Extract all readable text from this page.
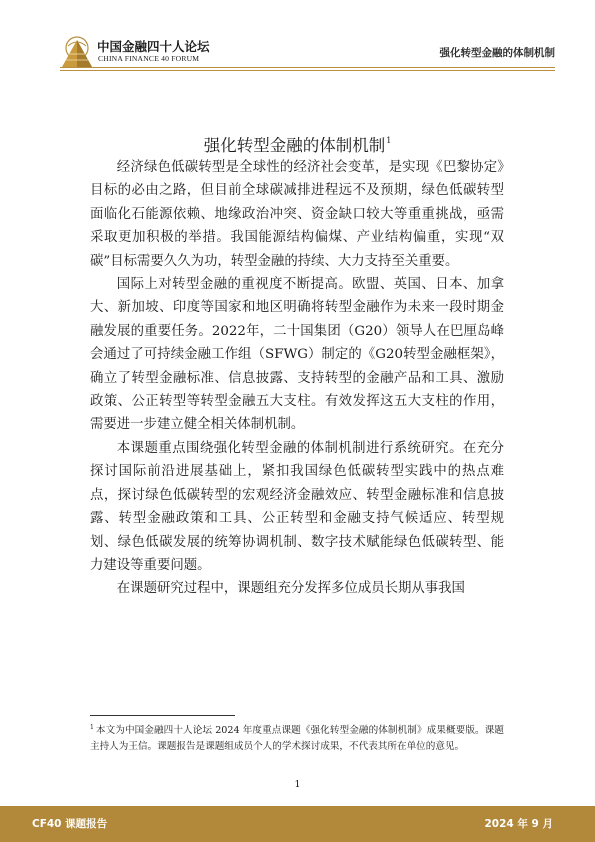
中国金融四十人论坛
CHINA FINANCE 40 FORUM	强化转型金融的体制机制
强化转型金融的体制机制$^1$

经济绿色低碳转型是全球性的经济社会变革，是实现《巴黎协定》目标的必由之路，但目前全球碳减排进程远不及预期，绿色低碳转型面临化石能源依赖、地缘政治冲突、资金缺口较大等重重挑战，亟需采取更加积极的举措。我国能源结构偏煤、产业结构偏重，实现“双碳”目标需要久久为功，转型金融的持续、大力支持至关重要。

国际上对转型金融的重视度不断提高。欧盟、英国、日本、加拿大、新加坡、印度等国家和地区明确将转型金融作为未来一段时期金融发展的重要任务。2022年，二十国集团（G20）领导人在巴厘岛峰会通过了可持续金融工作组（SFWG）制定的《G20转型金融框架》，确立了转型金融标准、信息披露、支持转型的金融产品和工具、激励政策、公正转型等转型金融五大支柱。有效发挥这五大支柱的作用，需要进一步建立健全相关体制机制。

本课题重点围绕强化转型金融的体制机制进行系统研究。在充分探讨国际前沿进展基础上，紧扣我国绿色低碳转型实践中的热点难点，探讨绿色低碳转型的宏观经济金融效应、转型金融标准和信息披露、转型金融政策和工具、公正转型和金融支持气候适应、转型规划、绿色低碳发展的统筹协调机制、数字技术赋能绿色低碳转型、能力建设等重要问题。

在课题研究过程中，课题组充分发挥多位成员长期从事我国

$^1$ 本文为中国金融四十人论坛 2024 年度重点课题《强化转型金融的体制机制》成果概要版。课题主持人为王信。课题报告是课题组成员个人的学术探讨成果，不代表其所在单位的意见。
1
CF40 课题报告	2024 年 9 月
